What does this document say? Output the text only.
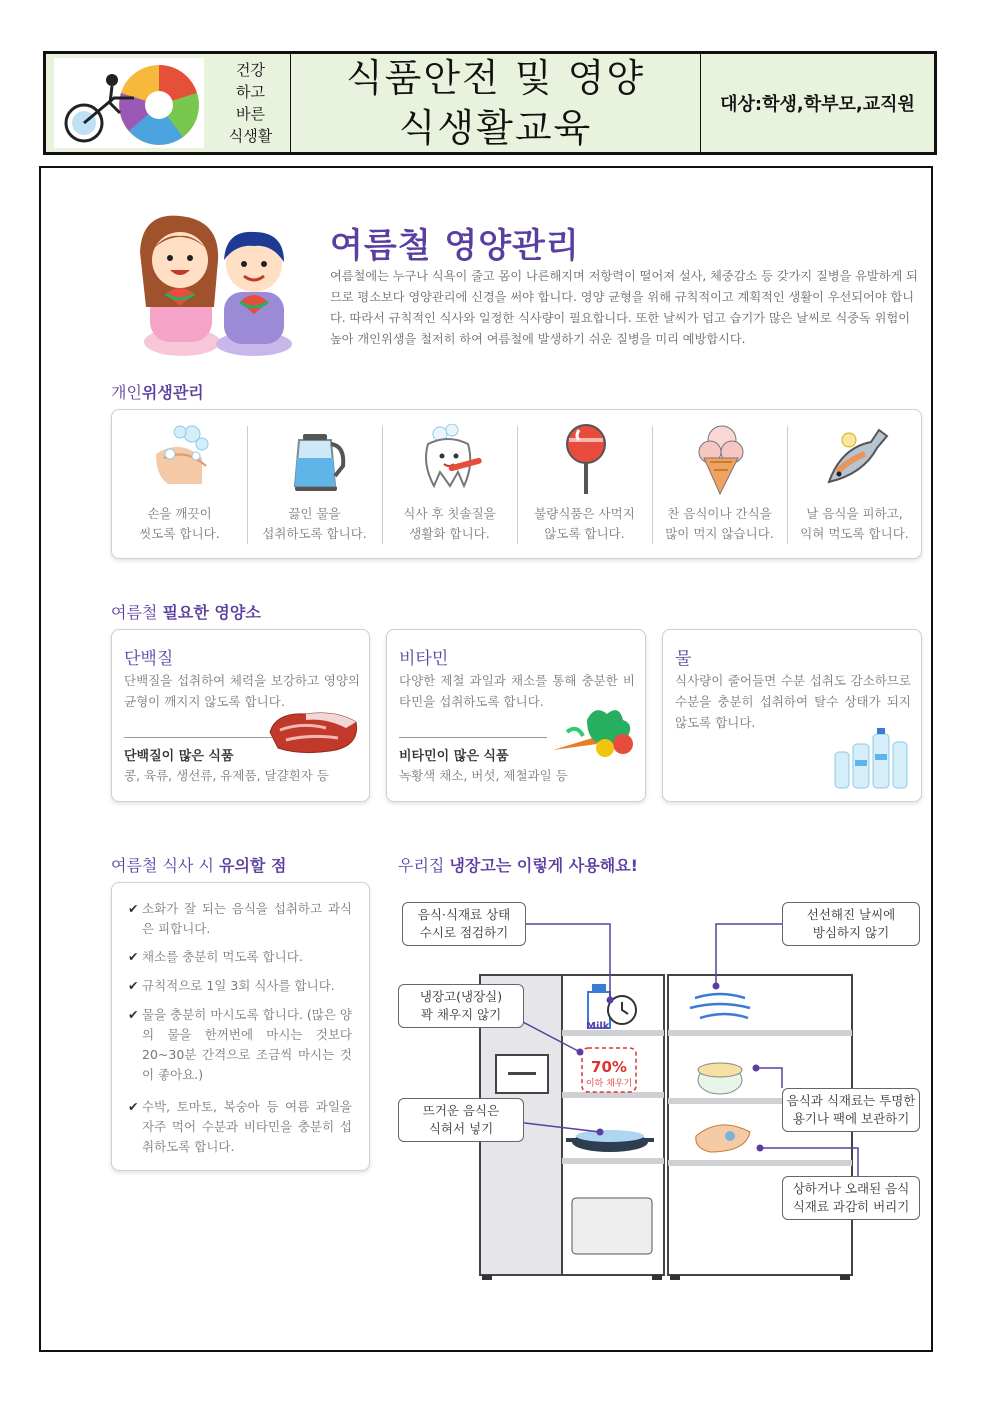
건강
하고
바른
식생활
식품안전 및 영양
식생활교육
대상:학생,학부모,교직원
여름철 영양관리
여름철에는 누구나 식욕이 줄고 몸이 나른해지며 저항력이 떨어져 설사, 체중감소 등 갖가지 질병을 유발하게 되므로 평소보다 영양관리에 신경을 써야 합니다. 영양 균형을 위해 규칙적이고 계획적인 생활이 우선되어야 합니다. 따라서 규칙적인 식사와 일정한 식사량이 필요합니다. 또한 날씨가 덥고 습기가 많은 날씨로 식중독 위험이 높아 개인위생을 철저히 하여 여름철에 발생하기 쉬운 질병을 미리 예방합시다.
개인위생관리
손을 깨끗이
씻도록 합니다.
끓인 물을
섭취하도록 합니다.
식사 후 칫솔질을
생활화 합니다.
불량식품은 사먹지
않도록 합니다.
찬 음식이나 간식을
많이 먹지 않습니다.
날 음식을 피하고,
익혀 먹도록 합니다.
여름철 필요한 영양소
단백질
단백질을 섭취하여 체력을 보강하고 영양의 균형이 깨지지 않도록 합니다.
단백질이 많은 식품
콩, 육류, 생선류, 유제품, 달걀흰자 등
비타민
다양한 제철 과일과 채소를 통해 충분한 비타민을 섭취하도록 합니다.
비타민이 많은 식품
녹황색 채소, 버섯, 제철과일 등
물
식사량이 줄어들면 수분 섭취도 감소하므로 수분을 충분히 섭취하여 탈수 상태가 되지 않도록 합니다.
여름철 식사 시 유의할 점
✔ 소화가 잘 되는 음식을 섭취하고 과식은 피합니다.
✔ 채소를 충분히 먹도록 합니다.
✔ 규칙적으로 1일 3회 식사를 합니다.
✔ 물을 충분히 마시도록 합니다. (많은 양의 물을 한꺼번에 마시는 것보다 20~30분 간격으로 조금씩 마시는 것이 좋아요.)
✔ 수박, 토마토, 복숭아 등 여름 과일을 자주 먹어 수분과 비타민을 충분히 섭취하도록 합니다.
우리집 냉장고는 이렇게 사용해요!
Milk
70%
이하 채우기
음식·식재료 상태
수시로 점검하기
선선해진 날씨에
방심하지 않기
냉장고(냉장실)
꽉 채우지 않기
뜨거운 음식은
식혀서 넣기
음식과 식재료는 투명한
용기나 팩에 보관하기
상하거나 오래된 음식
식재료 과감히 버리기
